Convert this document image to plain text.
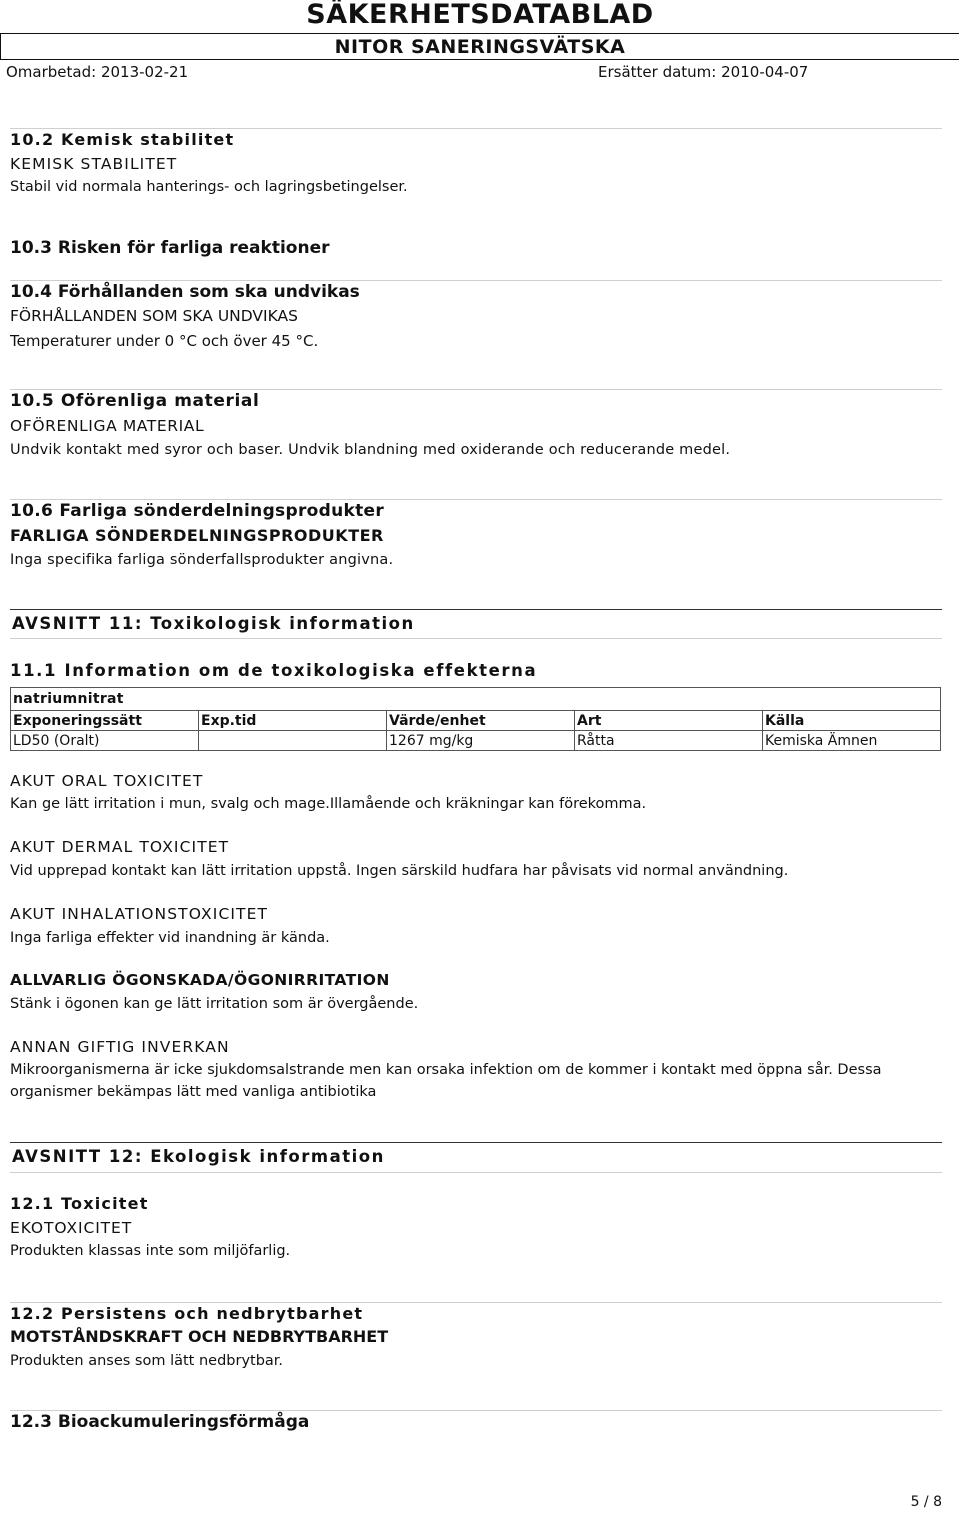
SÄKERHETSDATABLAD
NITOR SANERINGSVÄTSKA
Omarbetad: 2013-02-21	Ersätter datum: 2010-04-07
10.2 Kemisk stabilitet
KEMISK STABILITET
Stabil vid normala hanterings- och lagringsbetingelser.
10.3 Risken för farliga reaktioner
10.4 Förhållanden som ska undvikas
FÖRHÅLLANDEN SOM SKA UNDVIKAS
Temperaturer under 0 °C och över 45 °C.
10.5 Oförenliga material
OFÖRENLIGA MATERIAL
Undvik kontakt med syror och baser. Undvik blandning med oxiderande och reducerande medel.
10.6 Farliga sönderdelningsprodukter
FARLIGA SÖNDERDELNINGSPRODUKTER
Inga specifika farliga sönderfallsprodukter angivna.
AVSNITT 11: Toxikologisk information
11.1 Information om de toxikologiska effekterna
natriumnitrat				
Exponeringssätt	Exp.tid	Värde/enhet	Art	Källa
LD50 (Oralt)		1267 mg/kg	Råtta	Kemiska Ämnen
AKUT ORAL TOXICITET
Kan ge lätt irritation i mun, svalg och mage.Illamående och kräkningar kan förekomma.
AKUT DERMAL TOXICITET
Vid upprepad kontakt kan lätt irritation uppstå. Ingen särskild hudfara har påvisats vid normal användning.
AKUT INHALATIONSTOXICITET
Inga farliga effekter vid inandning är kända.
ALLVARLIG ÖGONSKADA/ÖGONIRRITATION
Stänk i ögonen kan ge lätt irritation som är övergående.
ANNAN GIFTIG INVERKAN
Mikroorganismerna är icke sjukdomsalstrande men kan orsaka infektion om de kommer i kontakt med öppna sår. Dessa
organismer bekämpas lätt med vanliga antibiotika
AVSNITT 12: Ekologisk information
12.1 Toxicitet
EKOTOXICITET
Produkten klassas inte som miljöfarlig.
12.2 Persistens och nedbrytbarhet
MOTSTÅNDSKRAFT OCH NEDBRYTBARHET
Produkten anses som lätt nedbrytbar.
12.3 Bioackumuleringsförmåga
5 / 8
